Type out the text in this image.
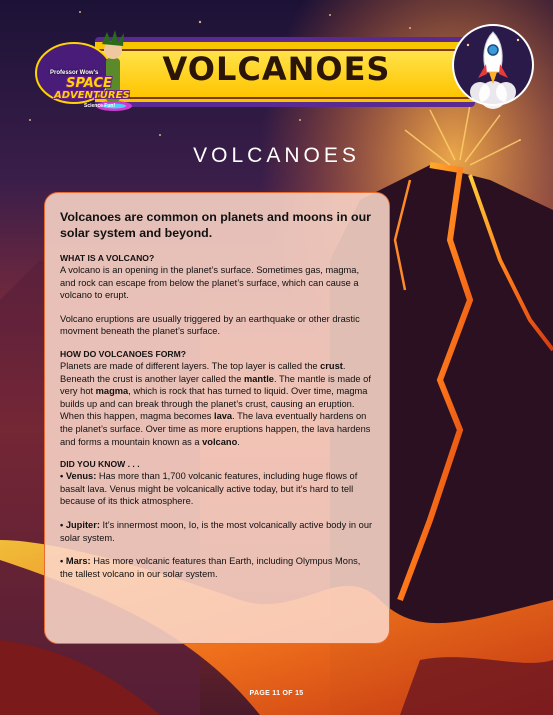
VOLCANOES
Professor Wow's
SPACE
ADVENTURES
Science Fun!
VOLCANOES
Volcanoes are common on planets and moons in our solar system and beyond.
WHAT IS A VOLCANO?

A volcano is an opening in the planet’s surface. Sometimes gas, magma, and rock can escape from below the planet’s surface, which can cause a volcano to erupt.

Volcano eruptions are usually triggered by an earthquake or other drastic movment beneath the planet’s surface.

HOW DO VOLCANOES FORM?

Planets are made of different layers. The top layer is called the crust. Beneath the crust is another layer called the mantle. The mantle is made of very hot magma, which is rock that has turned to liquid. Over time, magma builds up and can break through the planet’s crust, causing an eruption. When this happen, magma becomes lava. The lava eventually hardens on the planet’s surface. Over time as more eruptions happen, the lava hardens and forms a mountain known as a volcano.

DID YOU KNOW . . .

• Venus: Has more than 1,700 volcanic features, including huge flows of basalt lava. Venus might be volcanically active today, but it’s hard to tell because of its thick atmosphere.

• Jupiter: It’s innermost moon, Io, is the most volcanically active body in our solar system.

• Mars: Has more volcanic features than Earth, including Olympus Mons, the tallest volcano in our solar system.

PAGE 11 OF 15
